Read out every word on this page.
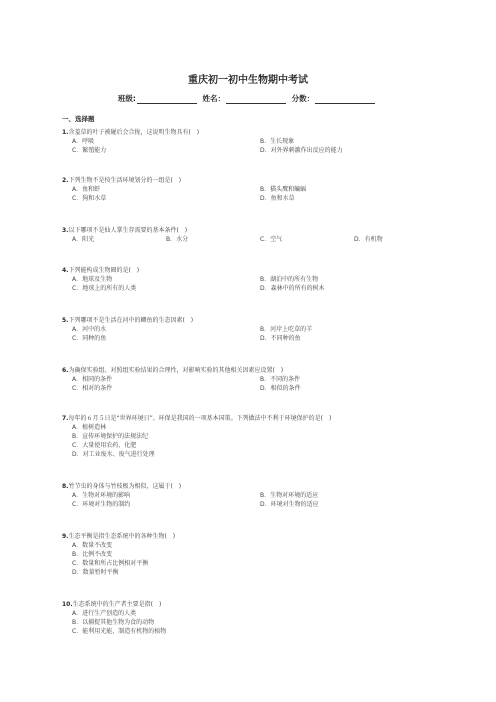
重庆初一初中生物期中考试
班级:	姓名：	分数：
一、选择题
1.含羞草的叶子被碰后会合拢，这说明生物具有(　)
A．呼吸	B．生长现象
C．繁殖能力	D．对外界刺激作出反应的能力
2.下列生物不是按生活环境划分的一组是(　)
A．鱼和虾	B．猫头鹰和蝙蝠
C．狗和水草	D．鱼和水草
3.以下哪项不是仙人掌生存需要的基本条件(　)
A．阳光	B．水分	C．空气	D．有机物
4.下列能构成生物圈的是(　)
A．地球及生物	B．湖泊中的所有生物
C．地球上的所有的人类	D．森林中的所有的树木
5.下列哪项不是生活在河中的鲫鱼的生态因素(　)
A．河中的水	B．河岸上吃草的羊
C．同种的鱼	D．不同种的鱼
6.为确保实验组、对照组实验结果的合理性，对影响实验的其他相关因素应设置(　)
A．相同的条件	B．不同的条件
C．相对的条件	D．相似的条件
7.每年的６月５日是“世界环境日”。环保是我国的一项基本国策。下列做法中不利于环境保护的是(　)
A．植树造林
B．宣传环境保护的法规法纪
C．大量使用农药、化肥
D．对工业废水、废气进行处理
8.竹节虫的身体与竹枝极为相似，这属于(　)
A．生物对环境的影响	B．生物对环境的适应
C．环境对生物的制约	D．环境对生物的适应
9.生态平衡是指生态系统中的各种生物(　)
A．数量不改变
B．比例不改变
C．数量和所占比例相对平衡
D．数量暂时平衡
10.生态系统中的生产者主要是指(　)
A．进行生产创造的人类
B．以捕捉其他生物为食的动物
C．能利用光能，制造有机物的植物
